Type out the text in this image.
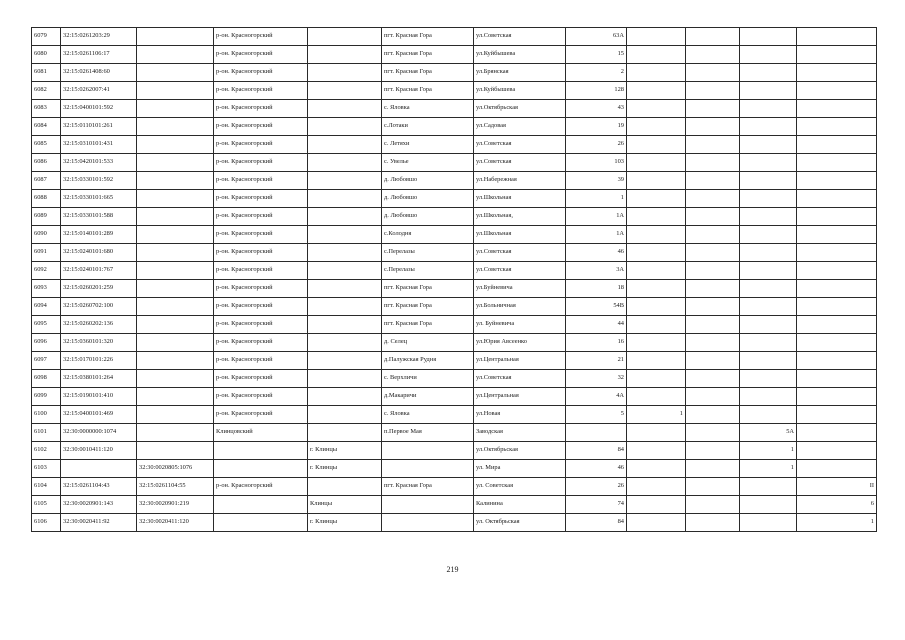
6079	32:15:0261203:29		р-он. Красногорский		пгт. Красная Гора	ул.Советская	63А				
6080	32:15:0261106:17		р-он. Красногорский		пгт. Красная Гора	ул.Куйбышева	15				
6081	32:15:0261408:60		р-он. Красногорский		пгт. Красная Гора	ул.Брянская	2				
6082	32:15:0262007:41		р-он. Красногорский		пгт. Красная Гора	ул.Куйбышева	128				
6083	32:15:0400101:592		р-он. Красногорский		с. Яловка	ул.Октябрьская	43				
6084	32:15:0110101:261		р-он. Красногорский		с.Лотаки	ул.Садовая	19				
6085	32:15:0310101:431		р-он. Красногорский		с. Летяхи	ул.Советская	26				
6086	32:15:0420101:533		р-он. Красногорский		с. Увелье	ул.Советская	103				
6087	32:15:0330101:592		р-он. Красногорский		д. Любовшо	ул.Набережная	39				
6088	32:15:0330101:665		р-он. Красногорский		д. Любовшо	ул.Школьная	1				
6089	32:15:0330101:588		р-он. Красногорский		д. Любовшо	ул.Школьная,	1А				
6090	32:15:0140101:289		р-он. Красногорский		с.Колодня	ул.Школьная	1А				
6091	32:15:0240101:680		р-он. Красногорский		с.Перелазы	ул.Советская	46				
6092	32:15:0240101:767		р-он. Красногорский		с.Перелазы	ул.Советская	3А				
6093	32:15:0260201:259		р-он. Красногорский		пгт. Красная Гора	ул.Буйневича	18				
6094	32:15:0260702:100		р-он. Красногорский		пгт. Красная Гора	ул.Больничная	54В				
6095	32:15:0260202:136		р-он. Красногорский		пгт. Красная Гора	ул. Буйневича	44				
6096	32:15:0360101:320		р-он. Красногорский		д. Селец	ул.Юрия Авсеенко	16				
6097	32:15:0170101:226		р-он. Красногорский		д.Палужская Рудня	ул.Центральная	21				
6098	32:15:0380101:264		р-он. Красногорский		с. Верхличи	ул.Советская	32				
6099	32:15:0190101:410		р-он. Красногорский		д.Макаричи	ул.Центральная	4А				
6100	32:15:0400101:469		р-он. Красногорский		с. Яловка	ул.Новая	5	1			
6101	32:30:0000000:1074		Клинцовский		п.Первое Мая	Заводская				5А	
6102	32:30:0010411:120			г. Клинцы		ул.Октябрьская	84			1	
6103		32:30:0020805:1076		г. Клинцы		ул. Мира	46			1	
6104	32:15:0261104:43	32:15:0261104:55	р-он. Красногорский		пгт. Красная Гора	ул. Советская	26				II
6105	32:30:0020901:143	32:30:0020901:219		Клинцы		Калинина	74				6
6106	32:30:0020411:92	32:30:0020411:120		г. Клинцы		ул. Октябрьская	84				1
219
